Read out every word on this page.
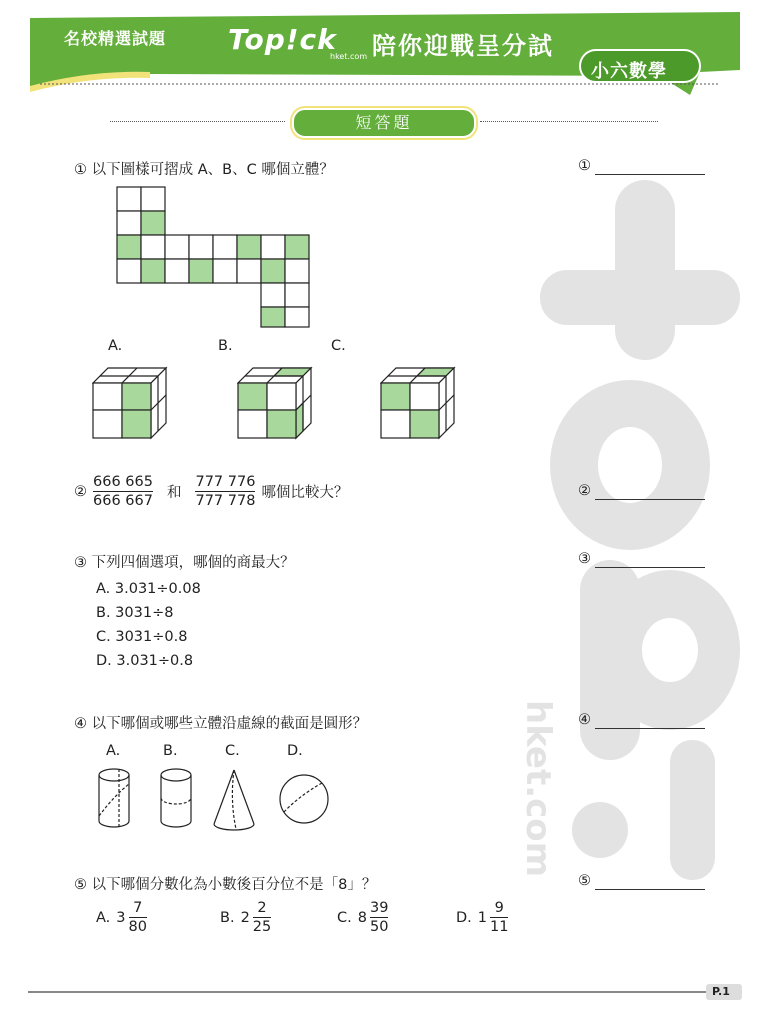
名校精選試題 Top!ck
hket.com 陪你迎戰呈分試
小六數學
短答題
hket.com
① 以下圖樣可摺成 A、B、C 哪個立體？	①
A.	B.	C.
② $\frac{666 665}{666 667}$ 和 $\frac{777 776}{777 778}$ 哪個比較大？	②
③ 下列四個選項，哪個的商最大？	③
A. 3.031÷0.08
B. 3031÷8
C. 3031÷0.8
D. 3.031÷0.8
④ 以下哪個或哪些立體沿虛線的截面是圓形？	④
A.	B.	C.	D.
⑤ 以下哪個分數化為小數後百分位不是「8」？	⑤
A. $3 \frac{7}{80}$	B. $2 \frac{2}{25}$	C. $8 \frac{39}{50}$	D. $1 \frac{9}{11}$
P.1
